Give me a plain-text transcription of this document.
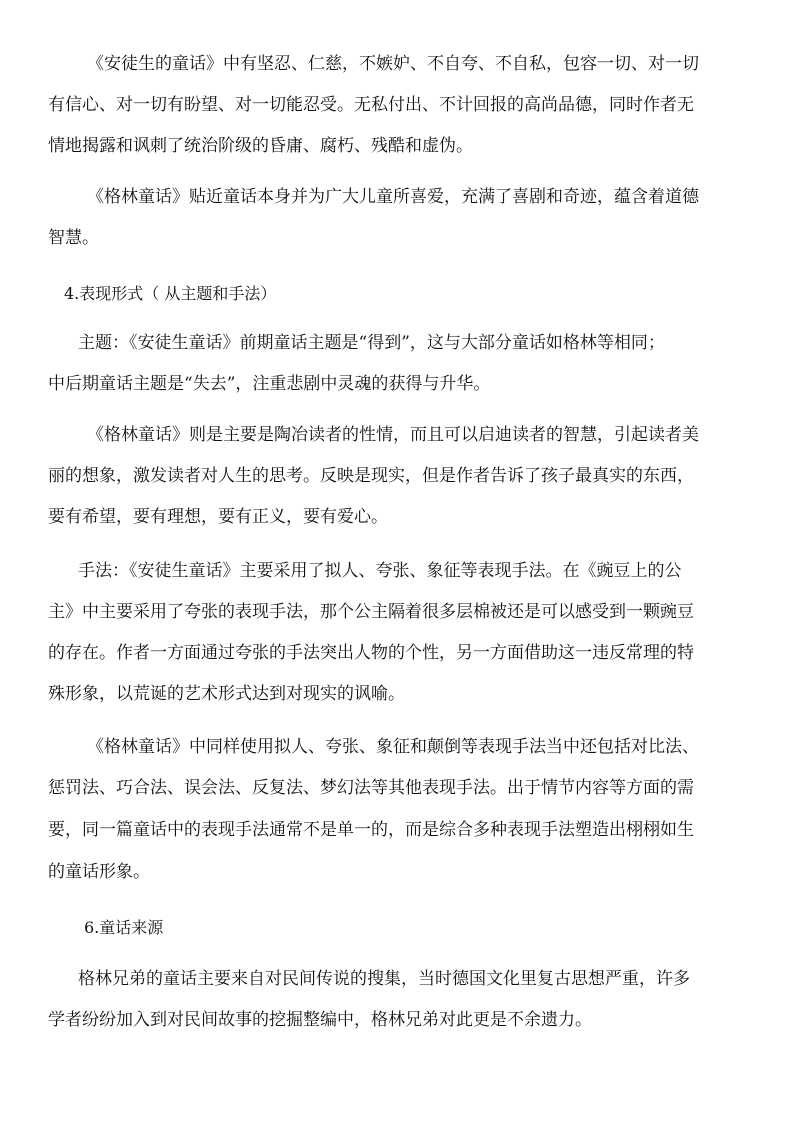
《安徒生的童话》中有坚忍、仁慈，不嫉妒、不自夸、不自私，包容一切、对一切
有信心、对一切有盼望、对一切能忍受。无私付出、不计回报的高尚品德，同时作者无
情地揭露和讽刺了统治阶级的昏庸、腐朽、残酷和虚伪。
《格林童话》贴近童话本身并为广大儿童所喜爱，充满了喜剧和奇迹，蕴含着道德
智慧。
4.表现形式（ 从主题和手法）
主题：《安徒生童话》前期童话主题是“得到”，这与大部分童话如格林等相同；
中后期童话主题是“失去”，注重悲剧中灵魂的获得与升华。
《格林童话》则是主要是陶冶读者的性情，而且可以启迪读者的智慧，引起读者美
丽的想象，激发读者对人生的思考。反映是现实，但是作者告诉了孩子最真实的东西，
要有希望，要有理想，要有正义，要有爱心。
手法：《安徒生童话》主要采用了拟人、夸张、象征等表现手法。在《豌豆上的公
主》中主要采用了夸张的表现手法，那个公主隔着很多层棉被还是可以感受到一颗豌豆
的存在。作者一方面通过夸张的手法突出人物的个性，另一方面借助这一违反常理的特
殊形象，以荒诞的艺术形式达到对现实的讽喻。
《格林童话》中同样使用拟人、夸张、象征和颠倒等表现手法当中还包括对比法、
惩罚法、巧合法、误会法、反复法、梦幻法等其他表现手法。出于情节内容等方面的需
要，同一篇童话中的表现手法通常不是单一的，而是综合多种表现手法塑造出栩栩如生
的童话形象。
6.童话来源
格林兄弟的童话主要来自对民间传说的搜集，当时德国文化里复古思想严重，许多
学者纷纷加入到对民间故事的挖掘整编中，格林兄弟对此更是不余遗力。
